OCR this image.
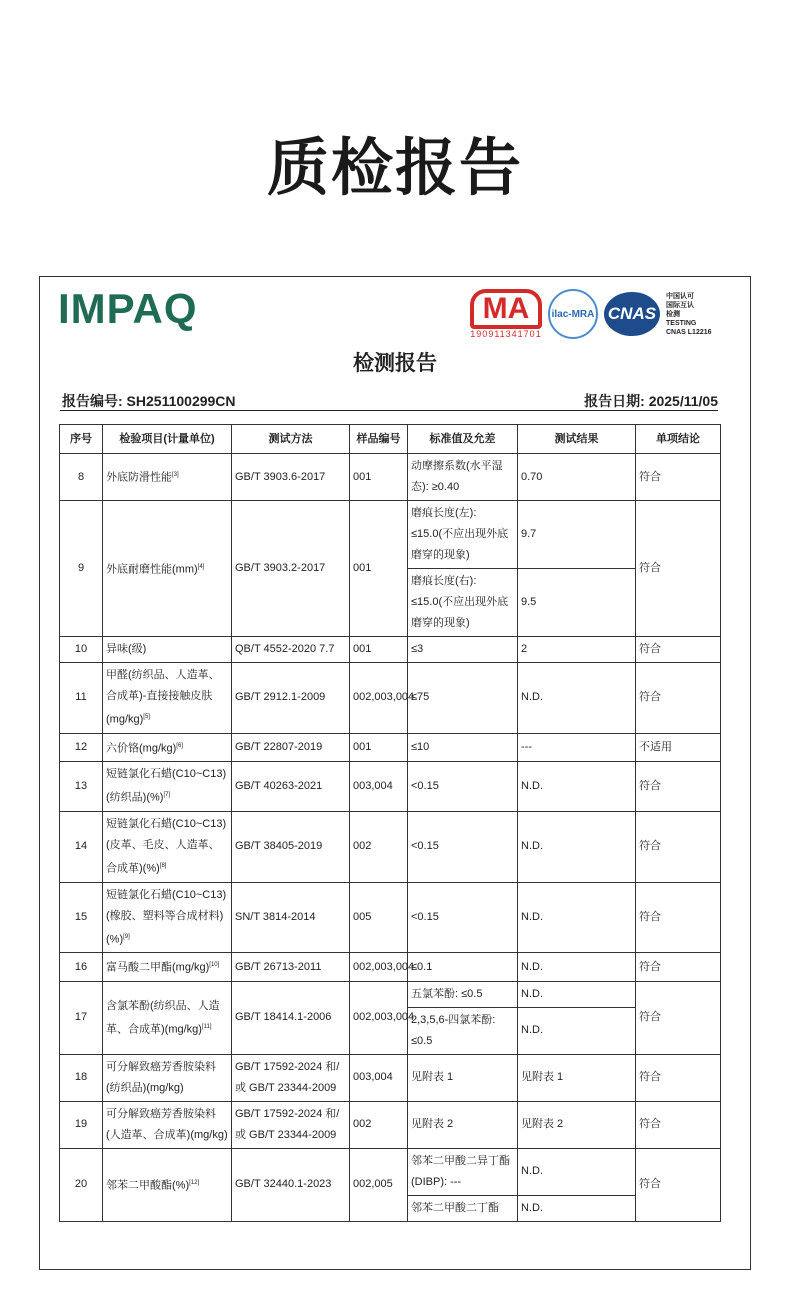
质检报告
IMPAQ	MA
190911341701
ilac-MRA CNAS
中国认可
国际互认
检测
TESTING
CNAS L12216
检测报告
报告编号: SH251100299CN	报告日期: 2025/11/05
序号	检验项目(计量单位)	测试方法	样品编号	标准值及允差	测试结果	单项结论
8	外底防滑性能[3]	GB/T 3903.6-2017	001	动摩擦系数(水平湿态): ≥0.40	0.70	符合
9	外底耐磨性能(mm)[4]	GB/T 3903.2-2017	001	磨痕长度(左): ≤15.0(不应出现外底磨穿的现象)	9.7	符合
				磨痕长度(右): ≤15.0(不应出现外底磨穿的现象)	9.5	
10	异味(级)	QB/T 4552-2020 7.7	001	≤3	2	符合
11	甲醛(纺织品、人造革、合成革)-直接接触皮肤(mg/kg)[5]	GB/T 2912.1-2009	002,003,004	≤75	N.D.	符合
12	六价铬(mg/kg)[6]	GB/T 22807-2019	001	≤10	---	不适用
13	短链氯化石蜡(C10~C13)(纺织品)(%)[7]	GB/T 40263-2021	003,004	<0.15	N.D.	符合
14	短链氯化石蜡(C10~C13)(皮革、毛皮、人造革、合成革)(%)[8]	GB/T 38405-2019	002	<0.15	N.D.	符合
15	短链氯化石蜡(C10~C13)(橡胶、塑料等合成材料)(%)[9]	SN/T 3814-2014	005	<0.15	N.D.	符合
16	富马酸二甲酯(mg/kg)[10]	GB/T 26713-2011	002,003,004	≤0.1	N.D.	符合
17	含氯苯酚(纺织品、人造革、合成革)(mg/kg)[11]	GB/T 18414.1-2006	002,003,004	五氯苯酚: ≤0.5	N.D.	符合
				2,3,5,6-四氯苯酚: ≤0.5	N.D.	
18	可分解致癌芳香胺染料(纺织品)(mg/kg)	GB/T 17592-2024 和/或 GB/T 23344-2009	003,004	见附表 1	见附表 1	符合
19	可分解致癌芳香胺染料(人造革、合成革)(mg/kg)	GB/T 17592-2024 和/或 GB/T 23344-2009	002	见附表 2	见附表 2	符合
20	邻苯二甲酸酯(%)[12]	GB/T 32440.1-2023	002,005	邻苯二甲酸二异丁酯(DIBP): ---	N.D.	符合
				邻苯二甲酸二丁酯	N.D.	
